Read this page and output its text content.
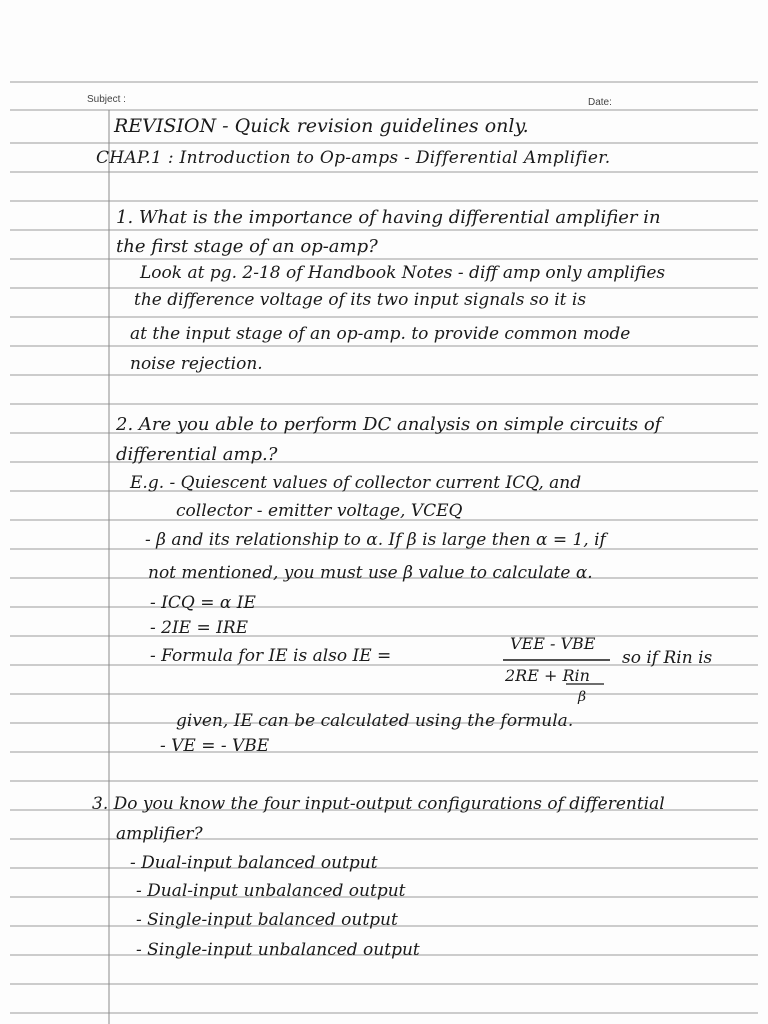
Subject :	Date:
REVISION - Quick revision guidelines only.
CHAP.1 : Introduction to Op-amps - Differential Amplifier.
1. What is the importance of having differential amplifier in
the first stage of an op-amp?
Look at pg. 2-18 of Handbook Notes - diff amp only amplifies
the difference voltage of its two input signals so it is
at the input stage of an op-amp. to provide common mode
noise rejection.
2. Are you able to perform DC analysis on simple circuits of
differential amp.?
E.g. - Quiescent values of collector current ICQ, and
collector - emitter voltage, VCEQ
- β and its relationship to α. If β is large then α = 1, if
not mentioned, you must use β value to calculate α.
- ICQ = α IE
- 2IE = IRE
- Formula for IE is also IE =
VEE - VBE
2RE + Rin
β
so if Rin is
given, IE can be calculated using the formula.
- VE = - VBE
3. Do you know the four input-output configurations of differential
amplifier?
- Dual-input balanced output
- Dual-input unbalanced output
- Single-input balanced output
- Single-input unbalanced output
